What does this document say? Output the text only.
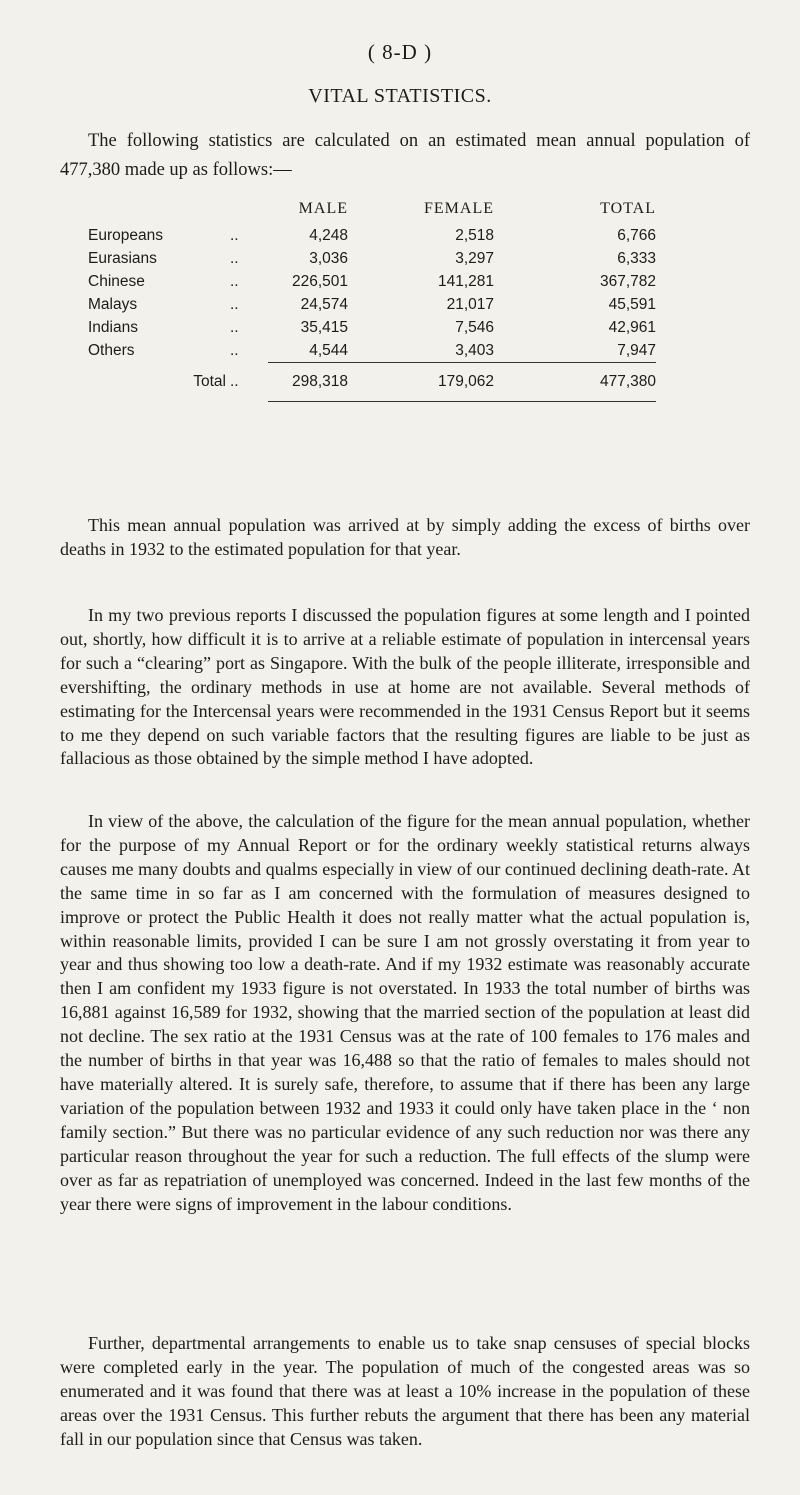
( 8-D )
VITAL STATISTICS.

The following statistics are calculated on an estimated mean annual population of 477,380 made up as follows:—

		MALE	FEMALE	TOTAL
Europeans	..	4,248	2,518	6,766
Eurasians	..	3,036	3,297	6,333
Chinese	..	226,501	141,281	367,782
Malays	..	24,574	21,017	45,591
Indians	..	35,415	7,546	42,961
Others	..	4,544	3,403	7,947
Total	..	298,318	179,062	477,380

This mean annual population was arrived at by simply adding the excess of births over deaths in 1932 to the estimated population for that year.

In my two previous reports I discussed the population figures at some length and I pointed out, shortly, how difficult it is to arrive at a reliable estimate of population in intercensal years for such a “clearing” port as Singapore. With the bulk of the people illiterate, irresponsible and evershifting, the ordinary methods in use at home are not available. Several methods of estimating for the Intercensal years were recommended in the 1931 Census Report but it seems to me they depend on such variable factors that the resulting figures are liable to be just as fallacious as those obtained by the simple method I have adopted.

In view of the above, the calculation of the figure for the mean annual population, whether for the purpose of my Annual Report or for the ordinary weekly statistical returns always causes me many doubts and qualms especially in view of our continued declining death-rate. At the same time in so far as I am concerned with the formulation of measures designed to improve or protect the Public Health it does not really matter what the actual population is, within reasonable limits, provided I can be sure I am not grossly overstating it from year to year and thus showing too low a death-rate. And if my 1932 estimate was reasonably accurate then I am confident my 1933 figure is not overstated. In 1933 the total number of births was 16,881 against 16,589 for 1932, showing that the married section of the population at least did not decline. The sex ratio at the 1931 Census was at the rate of 100 females to 176 males and the number of births in that year was 16,488 so that the ratio of females to males should not have materially altered. It is surely safe, therefore, to assume that if there has been any large variation of the population between 1932 and 1933 it could only have taken place in the ‘ non family section.” But there was no particular evidence of any such reduction nor was there any particular reason throughout the year for such a reduction. The full effects of the slump were over as far as repatriation of unemployed was concerned. Indeed in the last few months of the year there were signs of improvement in the labour conditions.

Further, departmental arrangements to enable us to take snap censuses of special blocks were completed early in the year. The population of much of the congested areas was so enumerated and it was found that there was at least a 10% increase in the population of these areas over the 1931 Census. This further rebuts the argument that there has been any material fall in our population since that Census was taken.
